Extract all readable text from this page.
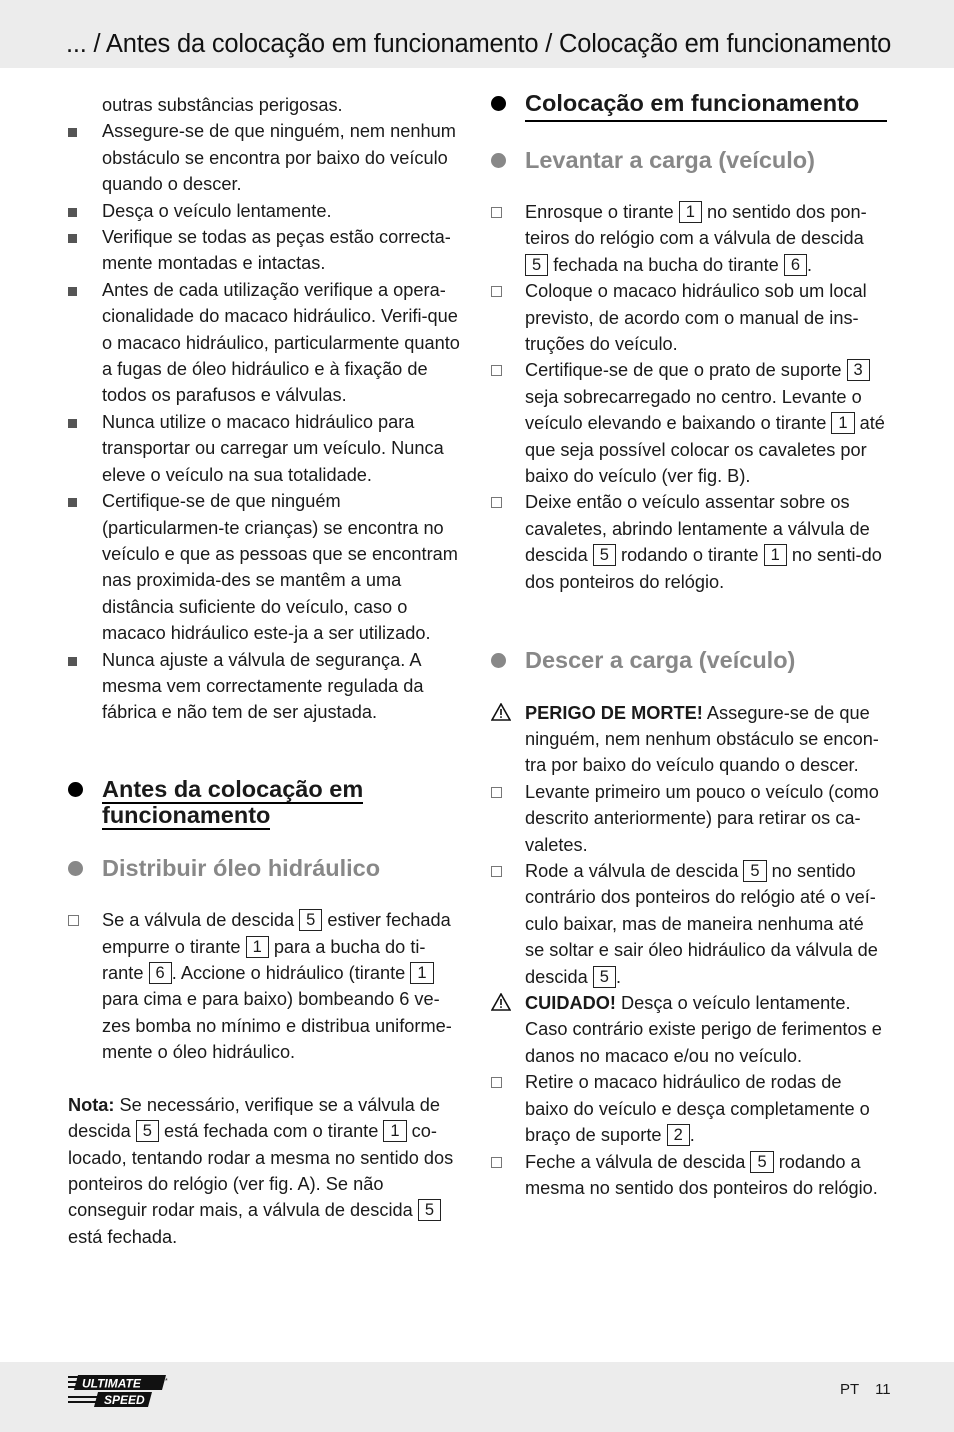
... / Antes da colocação em funcionamento / Colocação em funcionamento
outras substâncias perigosas.
Assegure-se de que ninguém, nem nenhum obstáculo se encontra por baixo do veículo quando o descer.
Desça o veículo lentamente.
Verifique se todas as peças estão correcta-mente montadas e intactas.
Antes de cada utilização verifique a opera-cionalidade do macaco hidráulico. Verifi-que o macaco hidráulico, particularmente quanto a fugas de óleo hidráulico e à fixação de todos os parafusos e válvulas.
Nunca utilize o macaco hidráulico para transportar ou carregar um veículo. Nunca eleve o veículo na sua totalidade.
Certifique-se de que ninguém (particularmen-te crianças) se encontra no veículo e que as pessoas que se encontram nas proximida-des se mantêm a uma distância suficiente do veículo, caso o macaco hidráulico este-ja a ser utilizado.
Nunca ajuste a válvula de segurança. A mesma vem correctamente regulada da fábrica e não tem de ser ajustada.
Antes da colocação em funcionamento
Distribuir óleo hidráulico
Se a válvula de descida 5 estiver fechada empurre o tirante 1 para a bucha do ti-rante 6 . Accione o hidráulico (tirante 1 para cima e para baixo) bombeando 6 ve-zes bomba no mínimo e distribua uniforme-mente o óleo hidráulico.
Nota: Se necessário, verifique se a válvula de descida 5 está fechada com o tirante 1 co-locado, tentando rodar a mesma no sentido dos ponteiros do relógio (ver fig. A). Se não conseguir rodar mais, a válvula de descida 5 está fechada.
Colocação em funcionamento
Levantar a carga (veículo)
Enrosque o tirante 1 no sentido dos pon-teiros do relógio com a válvula de descida 5 fechada na bucha do tirante 6 .
Coloque o macaco hidráulico sob um local previsto, de acordo com o manual de ins-truções do veículo.
Certifique-se de que o prato de suporte 3 seja sobrecarregado no centro. Levante o veículo elevando e baixando o tirante 1 até que seja possível colocar os cavaletes por baixo do veículo (ver fig. B).
Deixe então o veículo assentar sobre os cavaletes, abrindo lentamente a válvula de descida 5 rodando o tirante 1 no senti-do dos ponteiros do relógio.
Descer a carga (veículo)
PERIGO DE MORTE! Assegure-se de que ninguém, nem nenhum obstáculo se encon-tra por baixo do veículo quando o descer.
Levante primeiro um pouco o veículo (como descrito anteriormente) para retirar os ca-valetes.
Rode a válvula de descida 5 no sentido contrário dos ponteiros do relógio até o veí-culo baixar, mas de maneira nenhuma até se soltar e sair óleo hidráulico da válvula de descida 5 .
CUIDADO! Desça o veículo lentamente. Caso contrário existe perigo de ferimentos e danos no macaco e/ou no veículo.
Retire o macaco hidráulico de rodas de baixo do veículo e desça completamente o braço de suporte 2 .
Feche a válvula de descida 5 rodando a mesma no sentido dos ponteiros do relógio.
ULTIMATE
SPEED
*	PT 11
